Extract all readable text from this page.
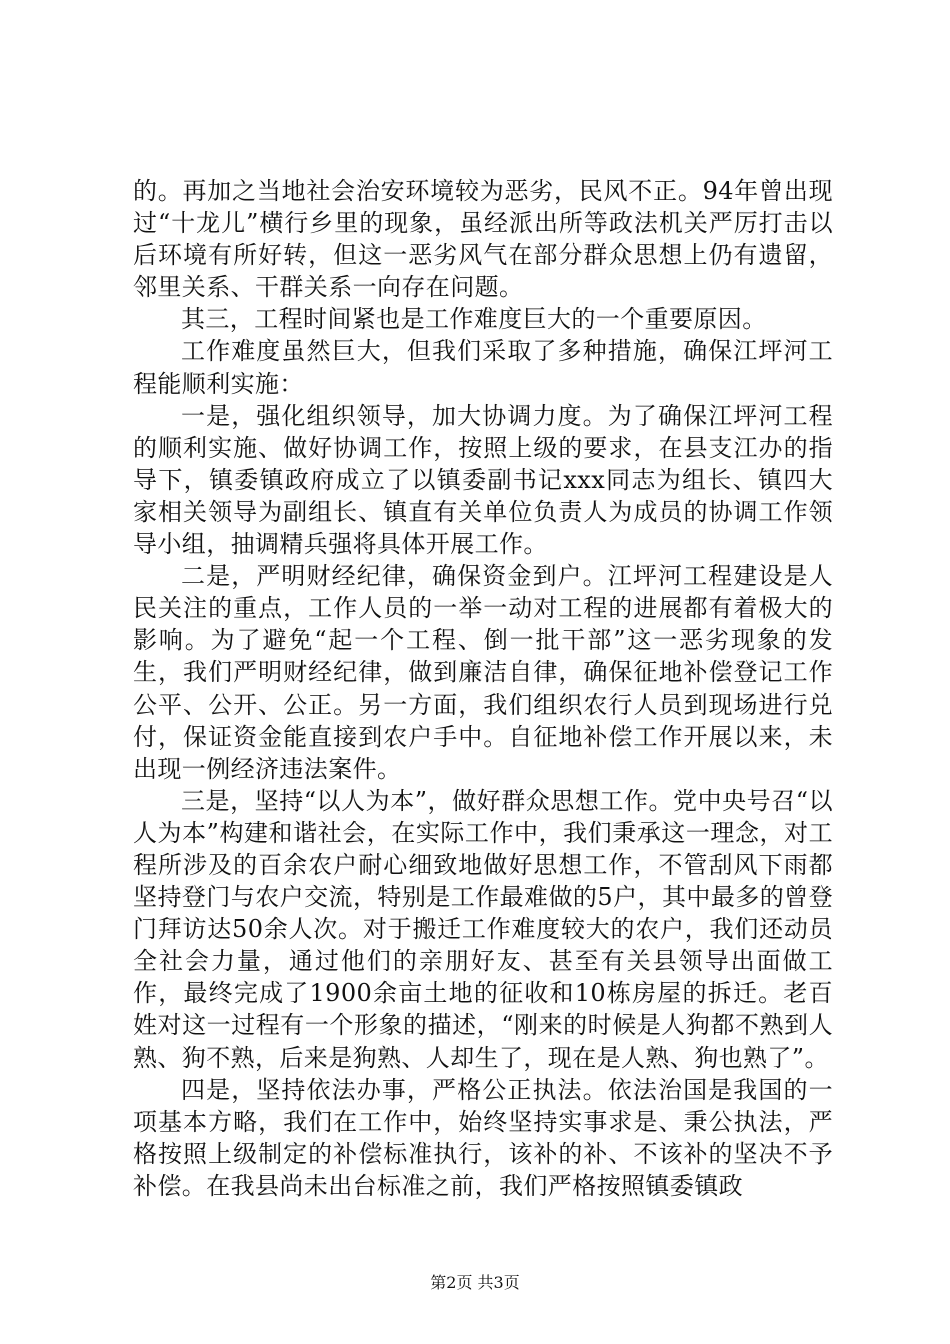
的。再加之当地社会治安环境较为恶劣，民风不正。94年曾出现过“十龙儿”横行乡里的现象，虽经派出所等政法机关严厉打击以后环境有所好转，但这一恶劣风气在部分群众思想上仍有遗留，邻里关系、干群关系一向存在问题。

其三，工程时间紧也是工作难度巨大的一个重要原因。

工作难度虽然巨大，但我们采取了多种措施，确保江坪河工程能顺利实施：

一是，强化组织领导，加大协调力度。为了确保江坪河工程的顺利实施、做好协调工作，按照上级的要求，在县支江办的指导下，镇委镇政府成立了以镇委副书记xxx同志为组长、镇四大家相关领导为副组长、镇直有关单位负责人为成员的协调工作领导小组，抽调精兵强将具体开展工作。

二是，严明财经纪律，确保资金到户。江坪河工程建设是人民关注的重点，工作人员的一举一动对工程的进展都有着极大的影响。为了避免“起一个工程、倒一批干部”这一恶劣现象的发生，我们严明财经纪律，做到廉洁自律，确保征地补偿登记工作公平、公开、公正。另一方面，我们组织农行人员到现场进行兑付，保证资金能直接到农户手中。自征地补偿工作开展以来，未出现一例经济违法案件。

三是，坚持“以人为本”，做好群众思想工作。党中央号召“以人为本”构建和谐社会，在实际工作中，我们秉承这一理念，对工程所涉及的百余农户耐心细致地做好思想工作，不管刮风下雨都坚持登门与农户交流，特别是工作最难做的5户，其中最多的曾登门拜访达50余人次。对于搬迁工作难度较大的农户，我们还动员全社会力量，通过他们的亲朋好友、甚至有关县领导出面做工作，最终完成了1900余亩土地的征收和10栋房屋的拆迁。老百姓对这一过程有一个形象的描述，“刚来的时候是人狗都不熟到人熟、狗不熟，后来是狗熟、人却生了，现在是人熟、狗也熟了”。

四是，坚持依法办事，严格公正执法。依法治国是我国的一项基本方略，我们在工作中，始终坚持实事求是、秉公执法，严格按照上级制定的补偿标准执行，该补的补、不该补的坚决不予补偿。在我县尚未出台标准之前，我们严格按照镇委镇政

第2页 共3页
